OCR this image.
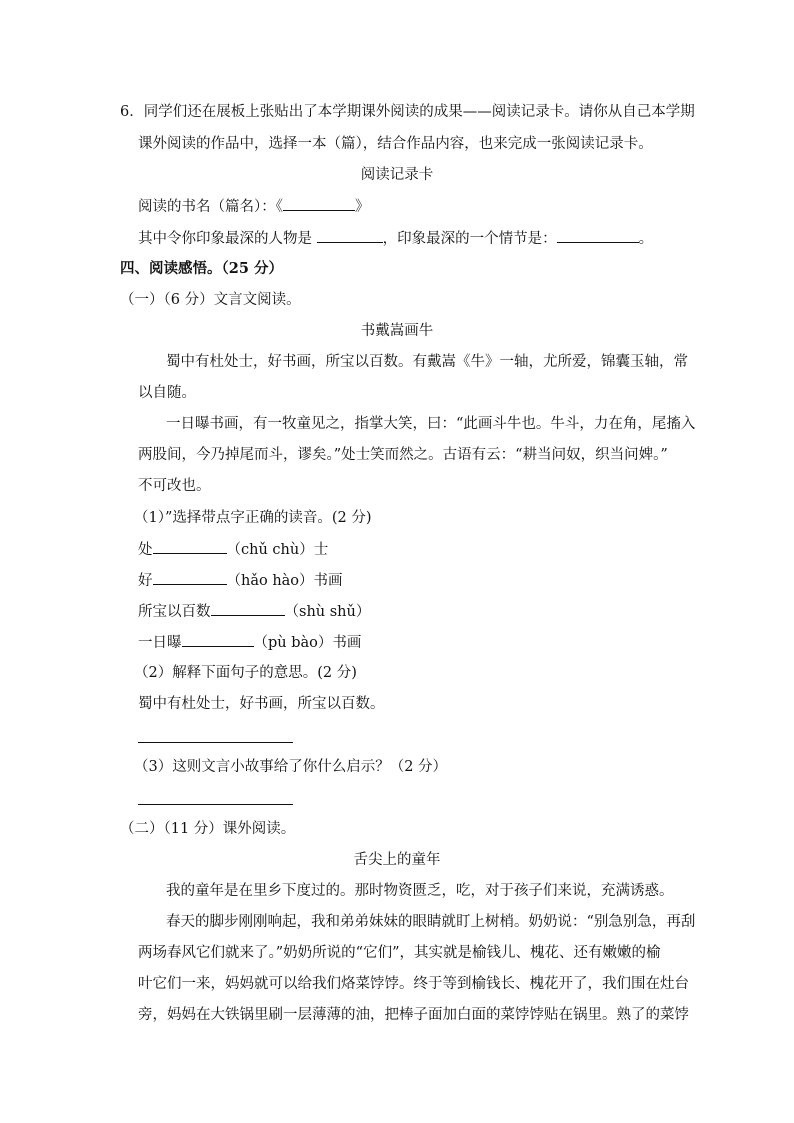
6．同学们还在展板上张贴出了本学期课外阅读的成果——阅读记录卡。请你从自己本学期
课外阅读的作品中，选择一本（篇），结合作品内容，也来完成一张阅读记录卡。
阅读记录卡
阅读的书名（篇名）：《	》
其中令你印象最深的人物是	，印象最深的一个情节是：	。
四、阅读感悟。（25 分）
（一）（6 分）文言文阅读。
书戴嵩画牛
蜀中有杜处士，好书画，所宝以百数。有戴嵩《牛》一轴，尤所爱，锦囊玉轴，常
以自随。
一日曝书画，有一牧童见之，指掌大笑，曰：“此画斗牛也。牛斗，力在角，尾搐入
两股间，今乃掉尾而斗，谬矣。”处士笑而然之。古语有云：“耕当问奴，织当问婢。”
不可改也。
（1）”选择带点字正确的读音。(2 分)
处	（chǔ chù）士
好	（hǎo hào）书画
所宝以百数	（shù shǔ）
一日曝	（pù bào）书画
（2）解释下面句子的意思。(2 分)
蜀中有杜处士，好书画，所宝以百数。
（3）这则文言小故事给了你什么启示？（2 分）
（二）（11 分）课外阅读。
舌尖上的童年
我的童年是在里乡下度过的。那时物资匮乏，吃，对于孩子们来说，充满诱惑。
春天的脚步刚刚响起，我和弟弟妹妹的眼睛就盯上树梢。奶奶说：“别急别急，再刮
两场春风它们就来了。”奶奶所说的“它们”，其实就是榆钱儿、槐花、还有嫩嫩的榆
叶它们一来，妈妈就可以给我们烙菜饽饽。终于等到榆钱长、槐花开了，我们围在灶台
旁，妈妈在大铁锅里刷一层薄薄的油，把棒子面加白面的菜饽饽贴在锅里。熟了的菜饽
